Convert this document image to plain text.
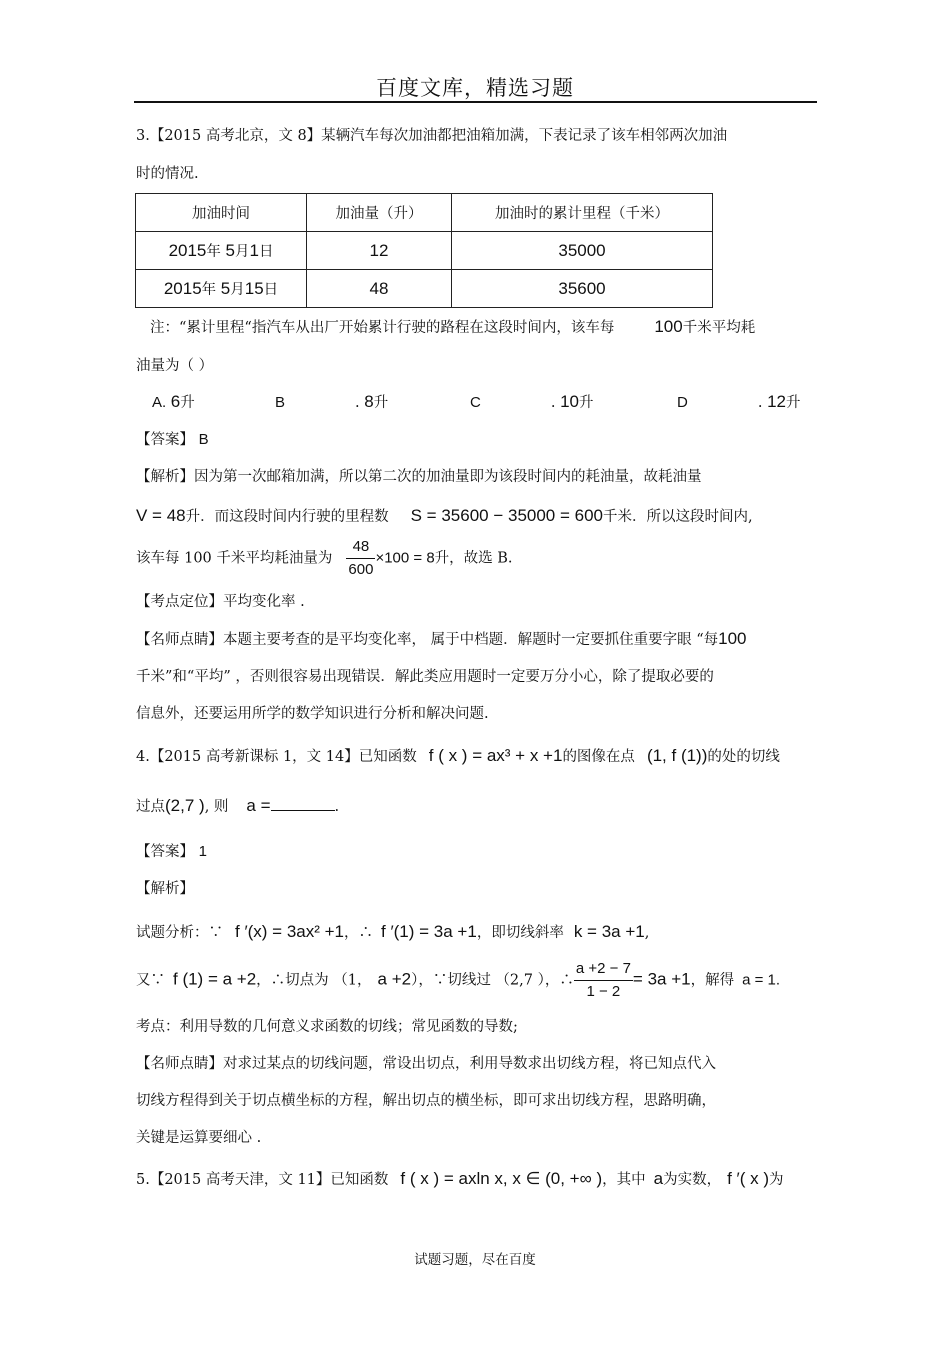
百度文库，精选习题
3.【2015 高考北京，文 8】某辆汽车每次加油都把油箱加满，下表记录了该车相邻两次加油
时的情况.
加油时间	加油量（升）	加油时的累计里程（千米）
2015年 5月1日	12	35000
2015年 5月15日	48	35600
注：“累计里程“指汽车从出厂开始累计行驶的路程在这段时间内，该车每 100千米平均耗
油量为（ ）
A. 6升	B	. 8升	C	. 10升	D	. 12升
【答案】 B
【解析】因为第一次邮箱加满，所以第二次的加油量即为该段时间内的耗油量，故耗油量
V = 48升．而这段时间内行驶的里程数 S = 35600 − 35000 = 600千米．所以这段时间内,
该车每 100 千米平均耗油量为 $\frac{48}{600} \times 100 = 8$升，故选 B.
【考点定位】平均变化率 .
【名师点睛】本题主要考查的是平均变化率， 属于中档题．解题时一定要抓住重要字眼 “每100
千米”和“平均” ，否则很容易出现错误．解此类应用题时一定要万分小心，除了提取必要的
信息外，还要运用所学的数学知识进行分析和解决问题.
4.【2015 高考新课标 1，文 14】已知函数 f ( x ) = ax³ + x +1的图像在点 (1, f (1))的处的切线
过点(2,7 ), 则 a =	.
【答案】 1
【解析】
试题分析：∵ f ′(x) = 3ax² +1，∴ f ′(1) = 3a +1，即切线斜率 k = 3a +1,
又∵ f (1) = a +2，∴切点为 （1， a +2），∵切线过 （2,7 ），∴ $\frac{a +2 - 7}{1 - 2} = 3a +1$，解得 a = 1.
考点：利用导数的几何意义求函数的切线；常见函数的导数;
【名师点睛】对求过某点的切线问题，常设出切点，利用导数求出切线方程，将已知点代入
切线方程得到关于切点横坐标的方程，解出切点的横坐标，即可求出切线方程，思路明确，
关键是运算要细心 .
5.【2015 高考天津，文 11】已知函数 f ( x ) = axln x, x ∈ (0, +∞ )，其中 a为实数， f ′( x )为
试题习题，尽在百度
